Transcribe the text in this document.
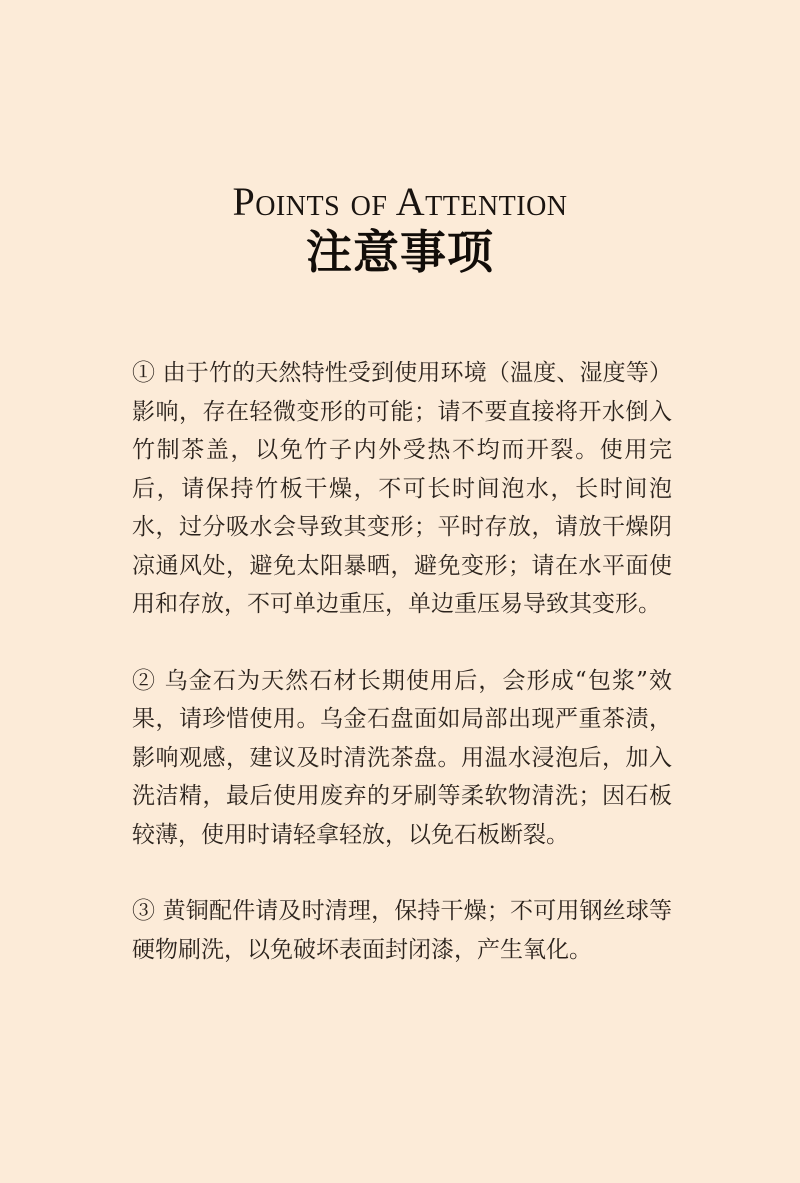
Points of Attention
注意事项

① 由于竹的天然特性受到使用环境（温度、湿度等）影响，存在轻微变形的可能；请不要直接将开水倒入竹制茶盖，以免竹子内外受热不均而开裂。使用完后，请保持竹板干燥，不可长时间泡水，长时间泡水，过分吸水会导致其变形；平时存放，请放干燥阴凉通风处，避免太阳暴晒，避免变形；请在水平面使用和存放，不可单边重压，单边重压易导致其变形。

② 乌金石为天然石材长期使用后，会形成“包浆”效果，请珍惜使用。乌金石盘面如局部出现严重茶渍，影响观感，建议及时清洗茶盘。用温水浸泡后，加入洗洁精，最后使用废弃的牙刷等柔软物清洗；因石板较薄，使用时请轻拿轻放，以免石板断裂。

③ 黄铜配件请及时清理，保持干燥；不可用钢丝球等硬物刷洗，以免破坏表面封闭漆，产生氧化。
